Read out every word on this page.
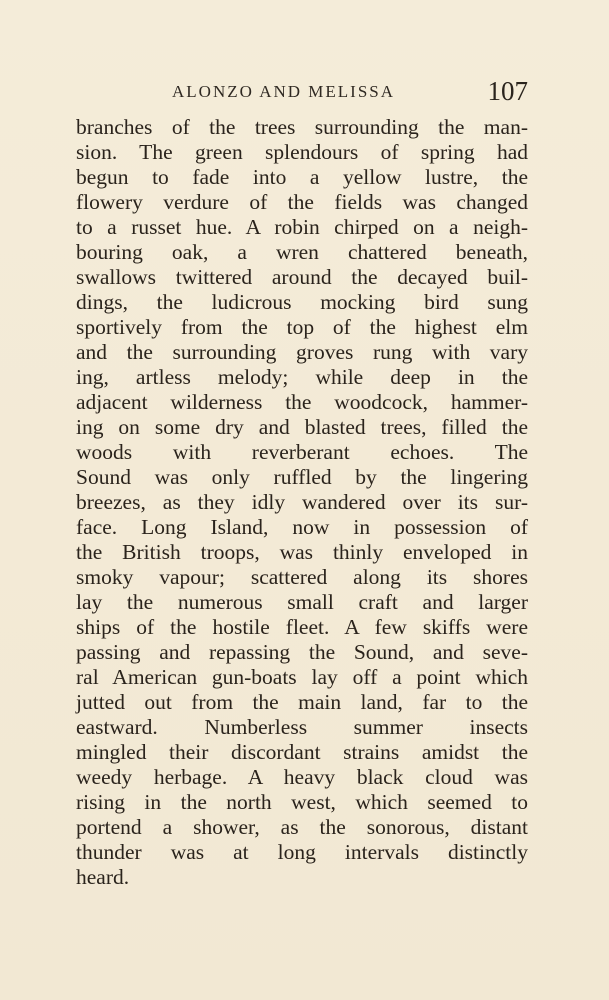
ALONZO AND MELISSA	107
branches of the trees surrounding the man-
sion. The green splendours of spring had
begun to fade into a yellow lustre, the
flowery verdure of the fields was changed
to a russet hue. A robin chirped on a neigh-
bouring oak, a wren chattered beneath,
swallows twittered around the decayed buil-
dings, the ludicrous mocking bird sung
sportively from the top of the highest elm
and the surrounding groves rung with vary
ing, artless melody; while deep in the
adjacent wilderness the woodcock, hammer-
ing on some dry and blasted trees, filled the
woods with reverberant echoes. The
Sound was only ruffled by the lingering
breezes, as they idly wandered over its sur-
face. Long Island, now in possession of
the British troops, was thinly enveloped in
smoky vapour; scattered along its shores
lay the numerous small craft and larger
ships of the hostile fleet. A few skiffs were
passing and repassing the Sound, and seve-
ral American gun-boats lay off a point which
jutted out from the main land, far to the
eastward. Numberless summer insects
mingled their discordant strains amidst the
weedy herbage. A heavy black cloud was
rising in the north west, which seemed to
portend a shower, as the sonorous, distant
thunder was at long intervals distinctly
heard.
